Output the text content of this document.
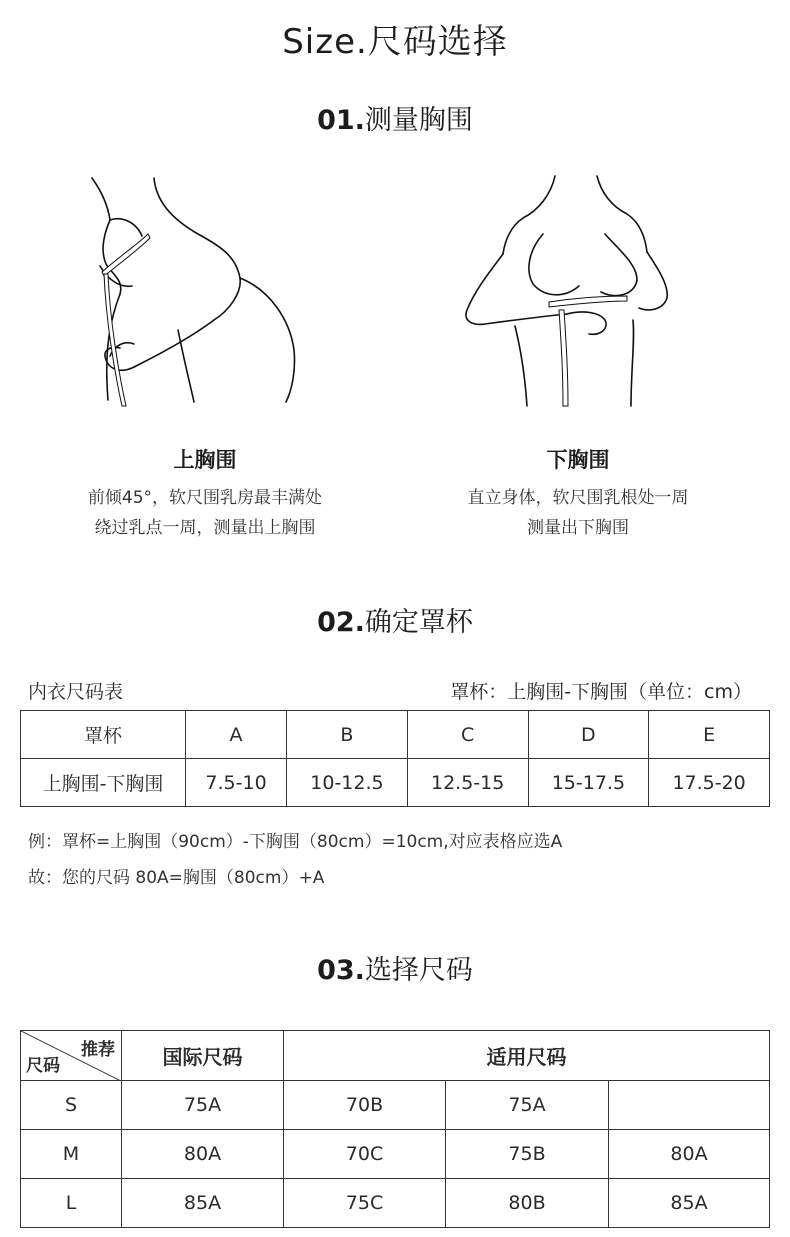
Size.尺码选择
01.测量胸围
上胸围
前倾45°，软尺围乳房最丰满处
绕过乳点一周，测量出上胸围
下胸围
直立身体，软尺围乳根处一周
测量出下胸围
02.确定罩杯
内衣尺码表	罩杯：上胸围-下胸围（单位：cm）
罩杯	A	B	C	D	E
上胸围-下胸围	7.5-10	10-12.5	12.5-15	15-17.5	17.5-20
例：罩杯=上胸围（90cm）-下胸围（80cm）=10cm,对应表格应选A
故：您的尺码 80A=胸围（80cm）+A
03.选择尺码
推荐
尺码	国际尺码	适用尺码		
S	75A	70B	75A	
M	80A	70C	75B	80A
L	85A	75C	80B	85A
